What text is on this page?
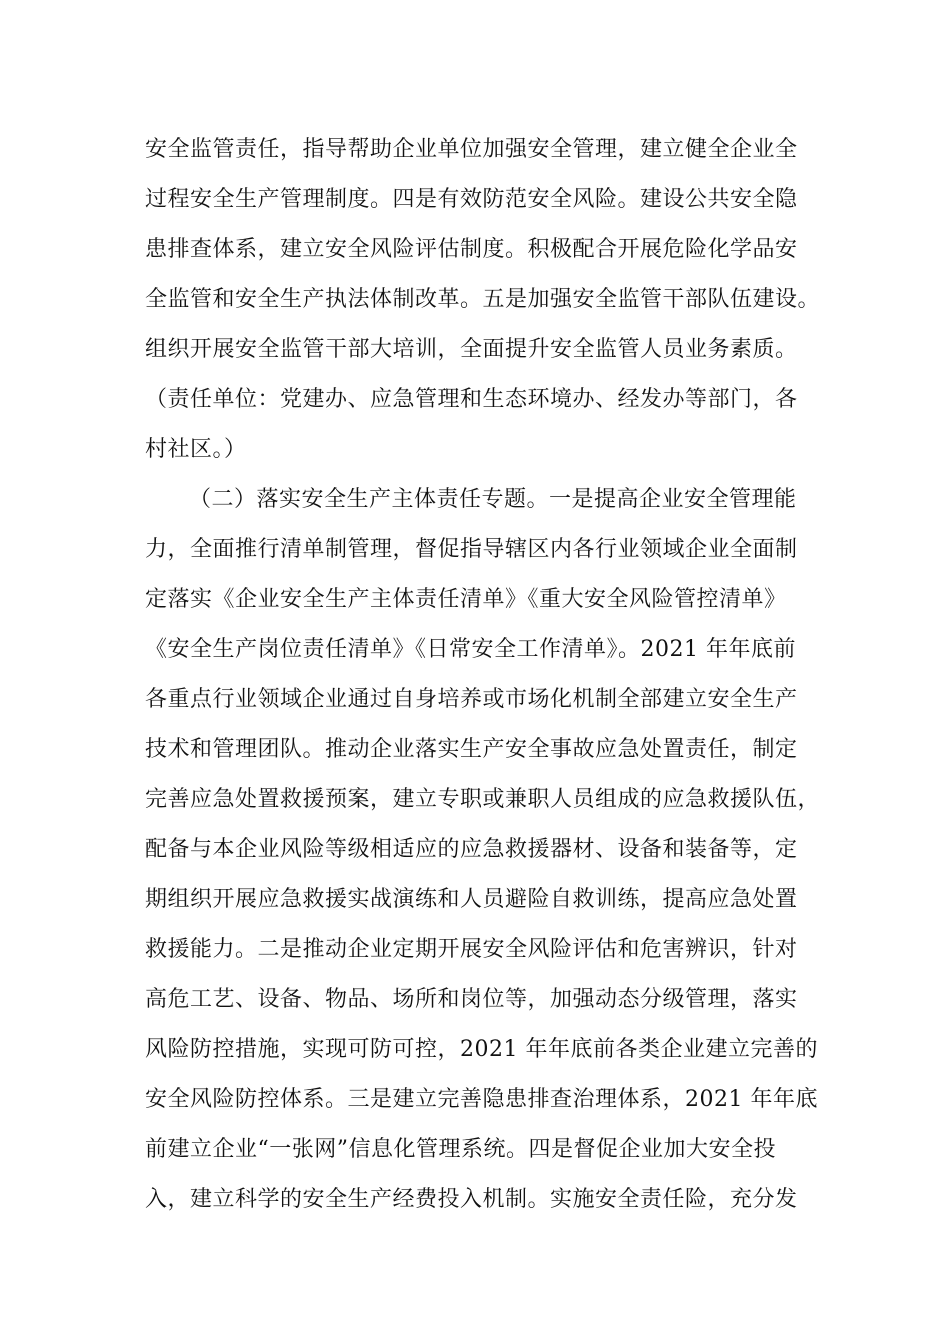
安全监管责任，指导帮助企业单位加强安全管理，建立健全企业全
过程安全生产管理制度。四是有效防范安全风险。建设公共安全隐
患排查体系，建立安全风险评估制度。积极配合开展危险化学品安
全监管和安全生产执法体制改革。五是加强安全监管干部队伍建设。
组织开展安全监管干部大培训，全面提升安全监管人员业务素质。
（责任单位：党建办、应急管理和生态环境办、经发办等部门，各
村社区。）
（二）落实安全生产主体责任专题。一是提高企业安全管理能
力，全面推行清单制管理，督促指导辖区内各行业领域企业全面制
定落实《企业安全生产主体责任清单》《重大安全风险管控清单》
《安全生产岗位责任清单》《日常安全工作清单》。2021 年年底前
各重点行业领域企业通过自身培养或市场化机制全部建立安全生产
技术和管理团队。推动企业落实生产安全事故应急处置责任，制定
完善应急处置救援预案，建立专职或兼职人员组成的应急救援队伍，
配备与本企业风险等级相适应的应急救援器材、设备和装备等，定
期组织开展应急救援实战演练和人员避险自救训练，提高应急处置
救援能力。二是推动企业定期开展安全风险评估和危害辨识，针对
高危工艺、设备、物品、场所和岗位等，加强动态分级管理，落实
风险防控措施，实现可防可控，2021 年年底前各类企业建立完善的
安全风险防控体系。三是建立完善隐患排查治理体系，2021 年年底
前建立企业“一张网”信息化管理系统。四是督促企业加大安全投
入，建立科学的安全生产经费投入机制。实施安全责任险，充分发
